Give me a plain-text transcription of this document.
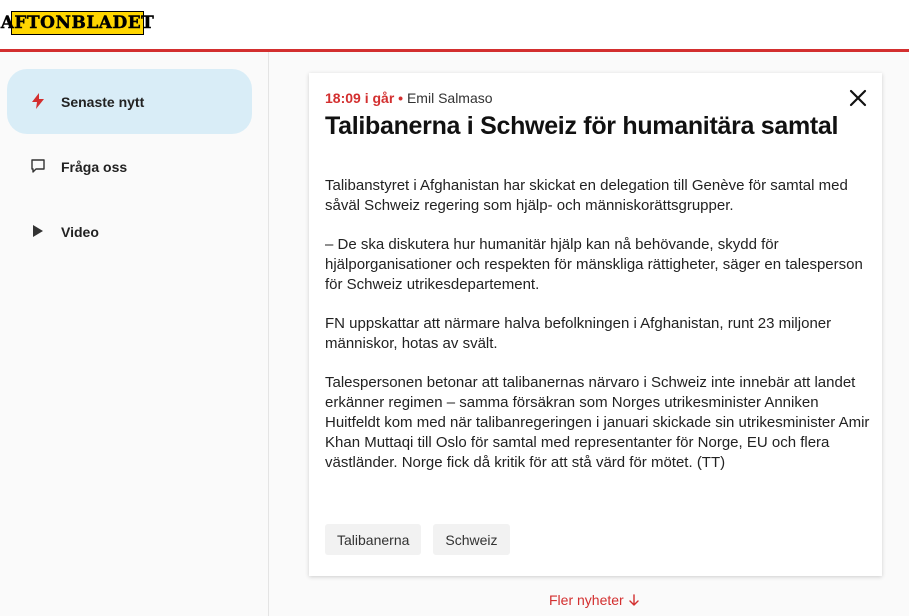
AFTONBLADET
Senaste nytt
Fråga oss
Video
18:09 i går • Emil Salmaso
Talibanerna i Schweiz för humanitära samtal

Talibanstyret i Afghanistan har skickat en delegation till Genève för samtal med såväl Schweiz regering som hjälp- och människorättsgrupper.

– De ska diskutera hur humanitär hjälp kan nå behövande, skydd för hjälporganisationer och respekten för mänskliga rättigheter, säger en talesperson för Schweiz utrikesdepartement.

FN uppskattar att närmare halva befolkningen i Afghanistan, runt 23 miljoner människor, hotas av svält.

Talespersonen betonar att talibanernas närvaro i Schweiz inte innebär att landet erkänner regimen – samma försäkran som Norges utrikesminister Anniken Huitfeldt kom med när talibanregeringen i januari skickade sin utrikesminister Amir Khan Muttaqi till Oslo för samtal med representanter för Norge, EU och flera västländer. Norge fick då kritik för att stå värd för mötet. (TT)

Talibanerna	Schweiz
Fler nyheter
